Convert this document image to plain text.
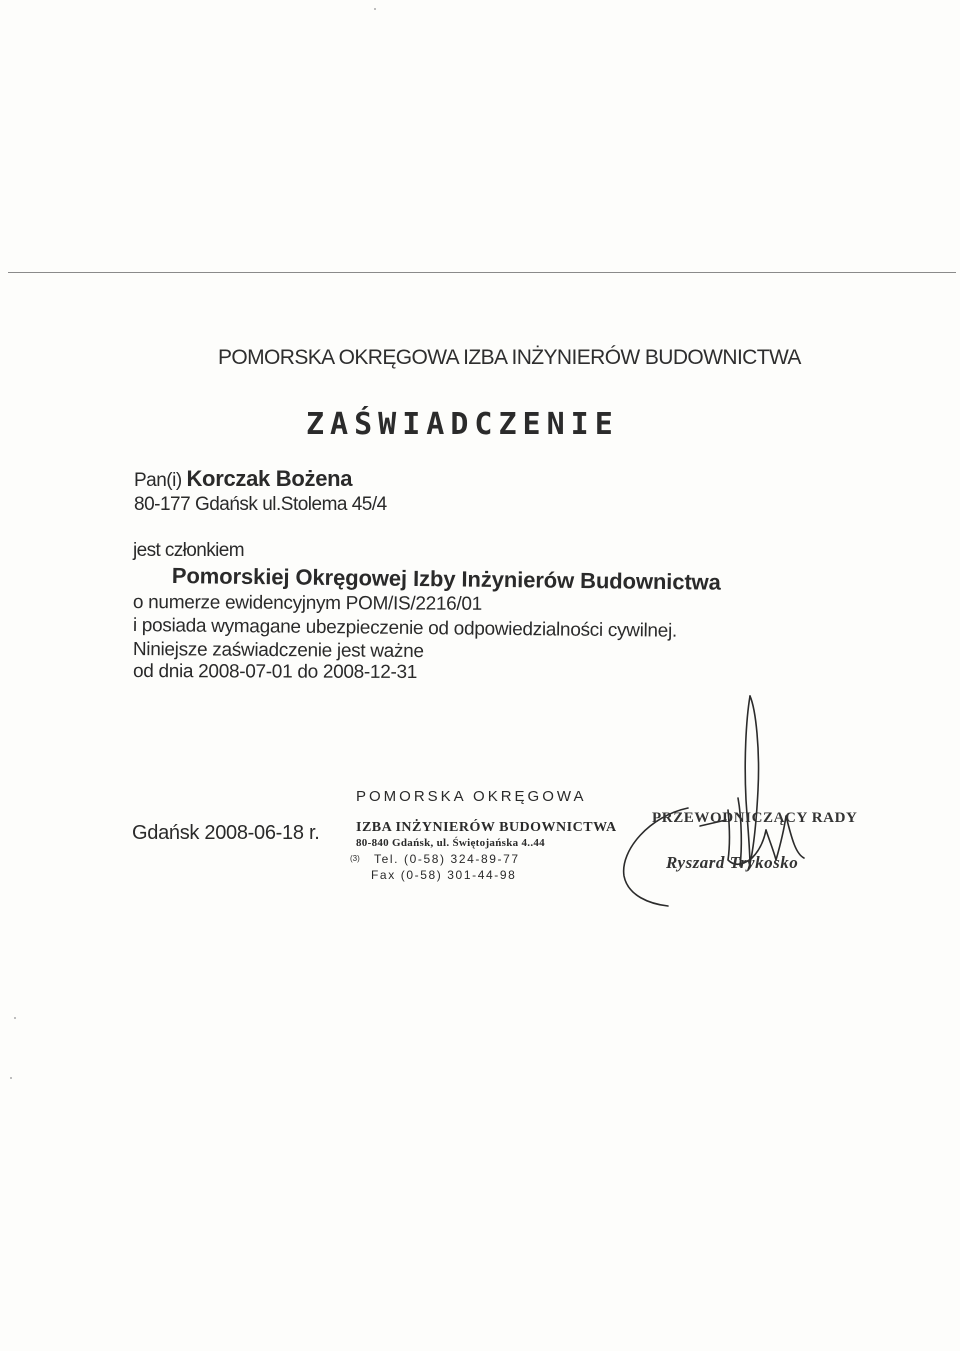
POMORSKA OKRĘGOWA IZBA INŻYNIERÓW BUDOWNICTWA
ZAŚWIADCZENIE
Pan(i) Korczak Bożena
80-177 Gdańsk ul.Stolema 45/4
jest członkiem
Pomorskiej Okręgowej Izby Inżynierów Budownictwa
o numerze ewidencyjnym POM/IS/2216/01
i posiada wymagane ubezpieczenie od odpowiedzialności cywilnej.
Niniejsze zaświadczenie jest ważne
od dnia 2008-07-01 do 2008-12-31
Gdańsk 2008-06-18 r.
POMORSKA OKRĘGOWA
IZBA INŻYNIERÓW BUDOWNICTWA
80-840 Gdańsk, ul. Świętojańska 4..44
(3) Tel. (0-58) 324-89-77
Fax (0-58) 301-44-98
PRZEWODNICZĄCY RADY
Ryszard Trykosko
